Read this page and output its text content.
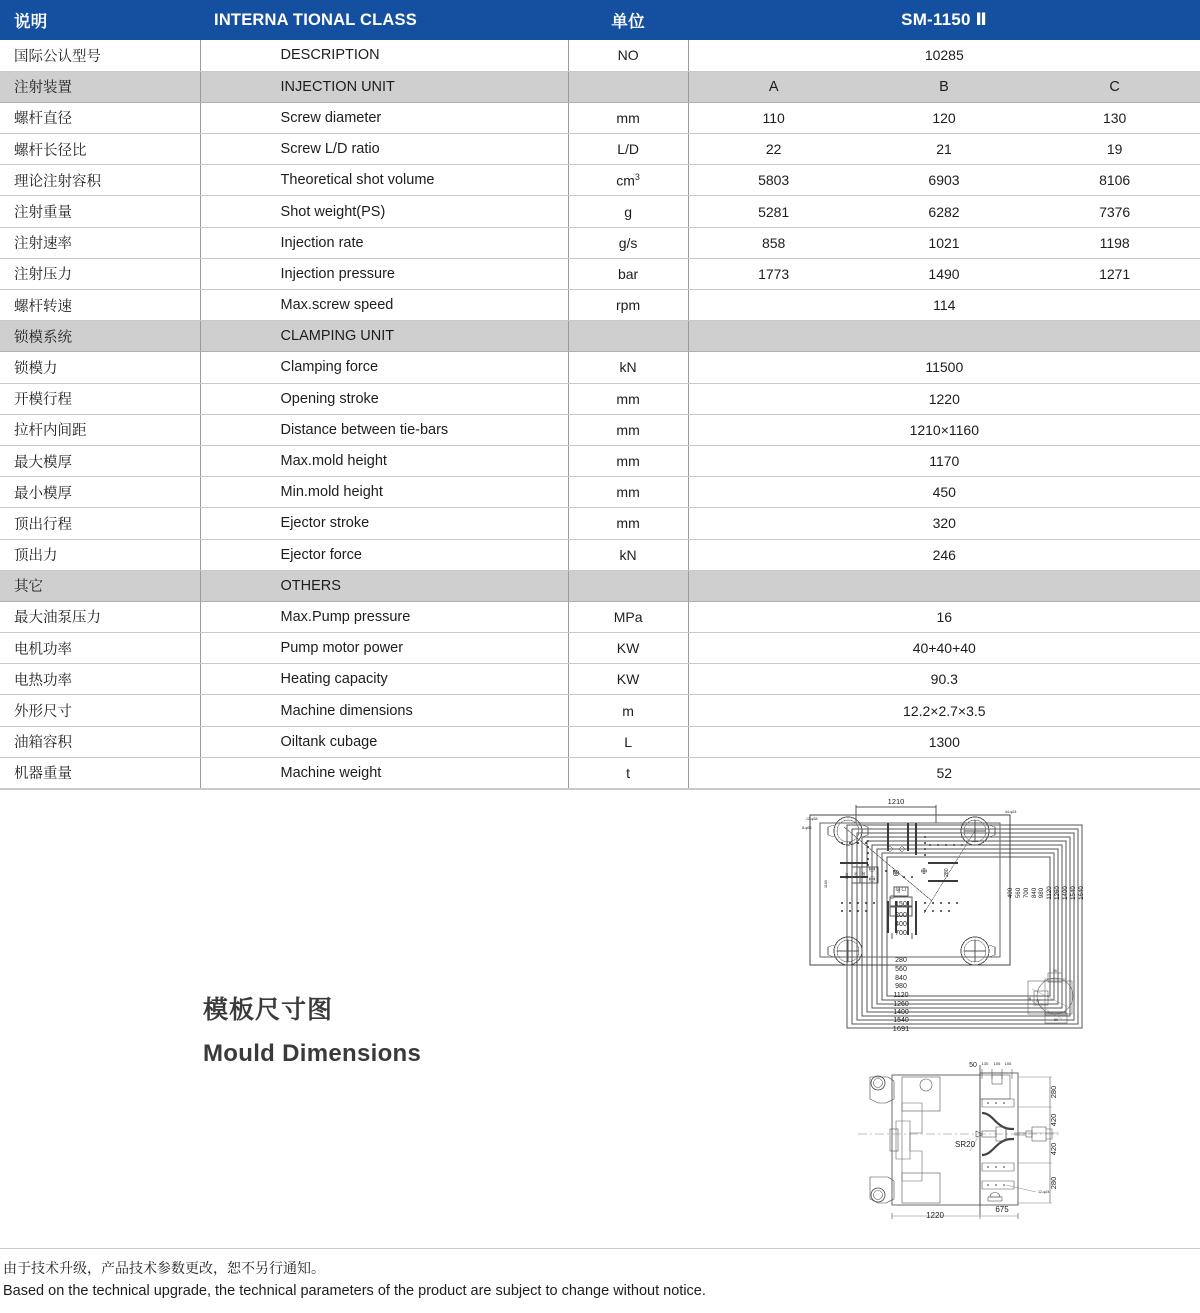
说明	INTERNA TIONAL CLASS	单位	SM-1150 Ⅱ		
国际公认型号	DESCRIPTION	NO	10285		
注射装置	INJECTION UNIT		A	B	C
螺杆直径	Screw diameter	mm	110	120	130
螺杆长径比	Screw L/D ratio	L/D	22	21	19
理论注射容积	Theoretical shot volume	$cm^3$	5803	6903	8106
注射重量	Shot weight(PS)	g	5281	6282	7376
注射速率	Injection rate	g/s	858	1021	1198
注射压力	Injection pressure	bar	1773	1490	1271
螺杆转速	Max.screw speed	rpm	114		
锁模系统	CLAMPING UNIT				
锁模力	Clamping force	kN	11500		
开模行程	Opening stroke	mm	1220		
拉杆内间距	Distance between tie-bars	mm	1210×1160		
最大模厚	Max.mold height	mm	1170		
最小模厚	Min.mold height	mm	450		
顶出行程	Ejector stroke	mm	320		
顶出力	Ejector force	kN	246		
其它	OTHERS				
最大油泵压力	Max.Pump pressure	MPa	16		
电机功率	Pump motor power	KW	40+40+40		
电热功率	Heating capacity	KW	90.3		
外形尺寸	Machine dimensions	m	12.2×2.7×3.5		
油箱容积	Oiltank cubage	L	1300		
机器重量	Machine weight	t	52		
模板尺寸图
Mould Dimensions
1210
12-φ38
8-φ55
44-φ24
1160
300 150 100
100
280
150
200
400
700
280
560
840
980
1120
1260
1400
1540
1691
400 560 700 840 980 1120 1260 1400 1540 1640
26
36
22
50
50 130 105 105
280
420
420
280
SR20
1220
675
12-φ24
由于技术升级，产品技术参数更改，恕不另行通知。
Based on the technical upgrade, the technical parameters of the product are subject to change without notice.
